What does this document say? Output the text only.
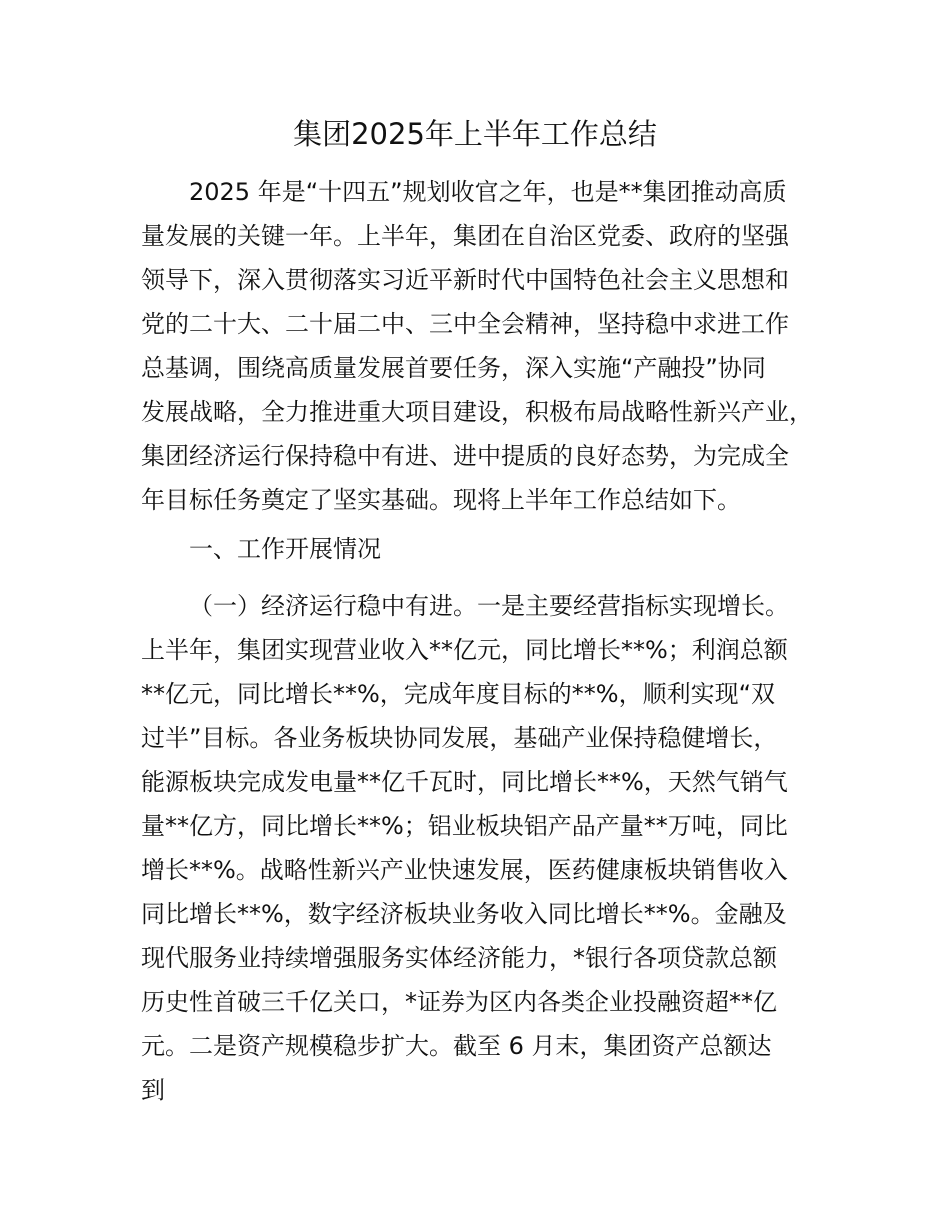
集团2025年上半年工作总结
2025 年是“十四五”规划收官之年，也是**集团推动高质
量发展的关键一年。上半年，集团在自治区党委、政府的坚强
领导下，深入贯彻落实习近平新时代中国特色社会主义思想和
党的二十大、二十届二中、三中全会精神，坚持稳中求进工作
总基调，围绕高质量发展首要任务，深入实施“产融投”协同
发展战略，全力推进重大项目建设，积极布局战略性新兴产业，
集团经济运行保持稳中有进、进中提质的良好态势，为完成全
年目标任务奠定了坚实基础。现将上半年工作总结如下。
一、工作开展情况
（一）经济运行稳中有进。一是主要经营指标实现增长。
上半年，集团实现营业收入**亿元，同比增长**%；利润总额
**亿元，同比增长**%，完成年度目标的**%，顺利实现“双
过半”目标。各业务板块协同发展，基础产业保持稳健增长，
能源板块完成发电量**亿千瓦时，同比增长**%，天然气销气
量**亿方，同比增长**%；铝业板块铝产品产量**万吨，同比
增长**%。战略性新兴产业快速发展，医药健康板块销售收入
同比增长**%，数字经济板块业务收入同比增长**%。金融及
现代服务业持续增强服务实体经济能力，*银行各项贷款总额
历史性首破三千亿关口，*证券为区内各类企业投融资超**亿
元。二是资产规模稳步扩大。截至 6 月末，集团资产总额达
到
